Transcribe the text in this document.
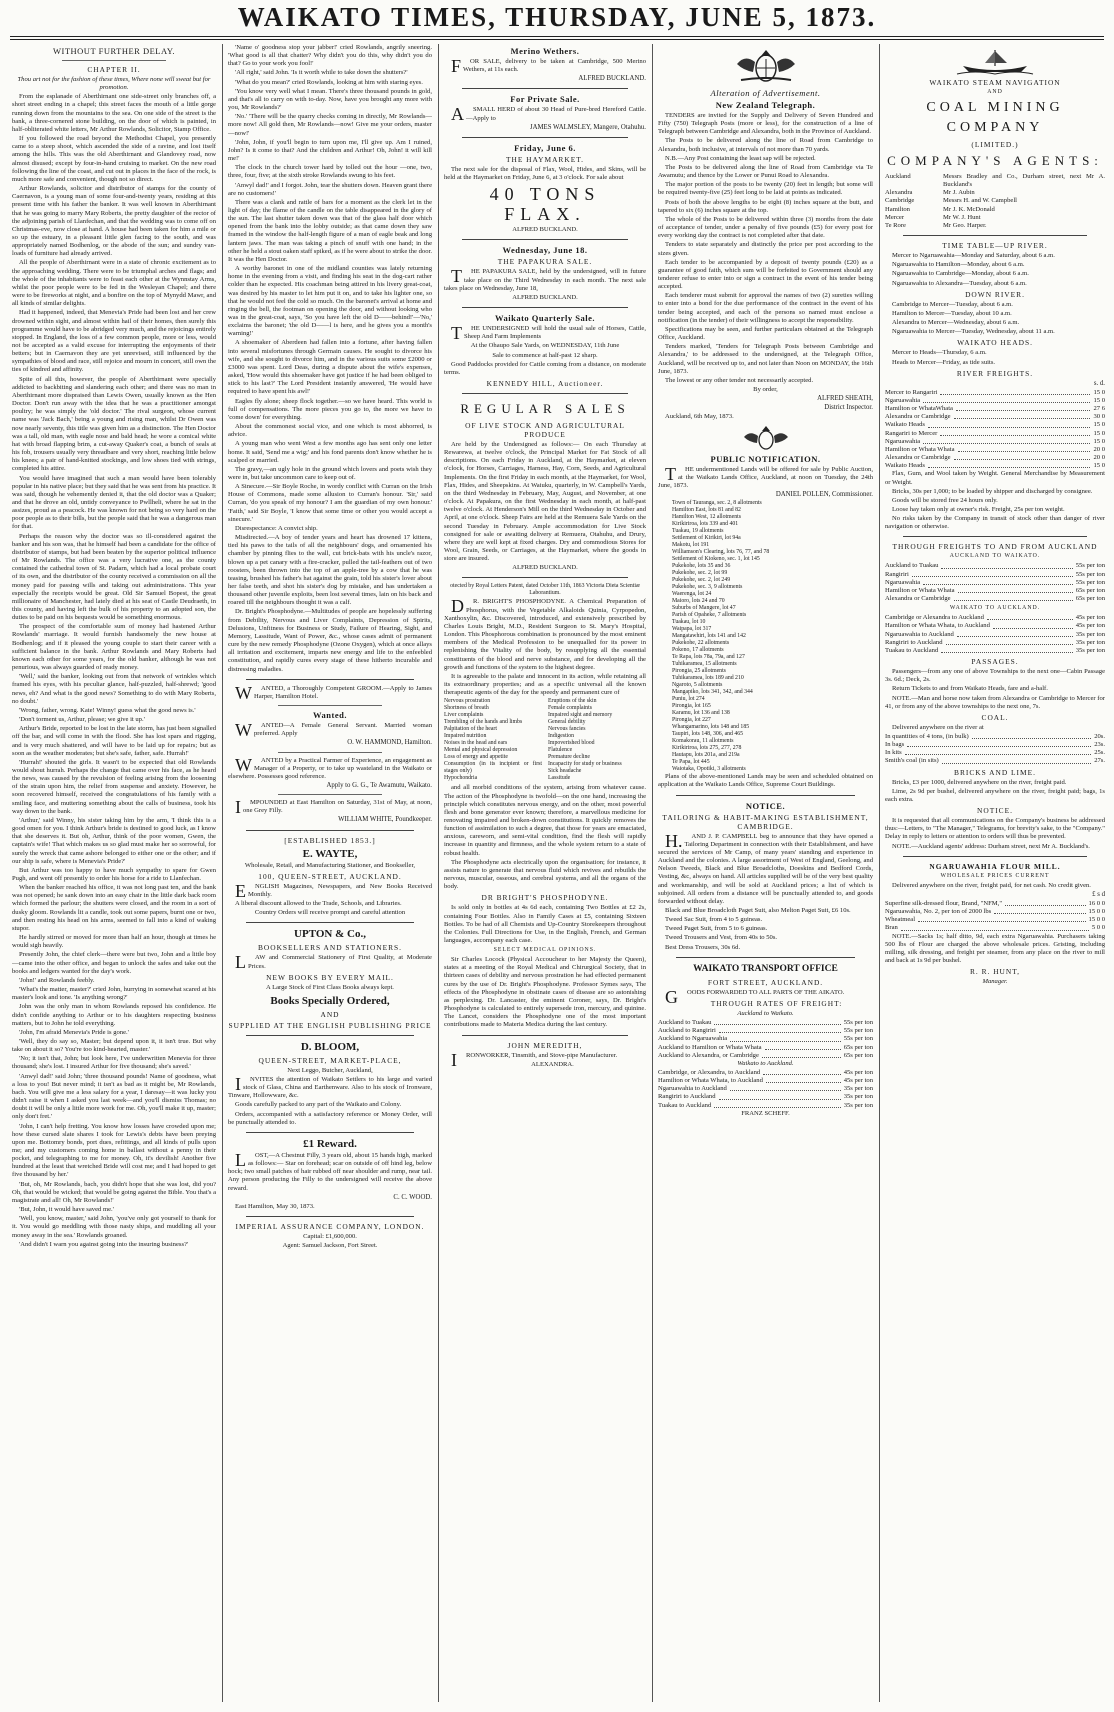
WAIKATO TIMES, THURSDAY, JUNE 5, 1873.
WITHOUT FURTHER DELAY.
CHAPTER II.

Thou art not for the fashion of these times, Where none will sweat but for promotion.

From the esplanade of Aberthirnant one side-street only branches off, a short street ending in a chapel; this street faces the mouth of a little gorge running down from the mountains to the sea. On one side of the street is the bank, a three-cornered stone building, on the door of which is painted, in half-obliterated white letters, Mr Arthur Rowlands, Solicitor, Stamp Office.

If you followed the road beyond the Methodist Chapel, you presently came to a steep shoot, which ascended the side of a ravine, and lost itself among the hills. This was the old Aberthirnant and Glandovey road, now almost disused; except by four-in-hand cruising to market. On the new road following the line of the coast, and cut out in places in the face of the rock, is much more safe and convenient, though not so direct.

Arthur Rowlands, solicitor and distributor of stamps for the county of Caernavon, is a young man of some four-and-twenty years, residing at this present time with his father the banker. It was well known in Aberthirnant that he was going to marry Mary Roberts, the pretty daughter of the rector of the adjoining parish of Llanfechan, and that the wedding was to come off on Christmas-eve, now close at hand. A house had been taken for him a mile or so up the estuary, in a pleasant little glen facing to the south, and was appropriately named Bodhenlog, or the abode of the sun; and sundry van-loads of furniture had already arrived.

All the people of Aberthirnant were in a state of chronic excitement as to the approaching wedding. There were to be triumphal arches and flags; and the whole of the inhabitants were to feast each other at the Wynnstay Arms, whilst the poor people were to be fed in the Wesleyan Chapel; and there were to be fireworks at night, and a bonfire on the top of Mynydd Mawr, and all kinds of similar delights.

Had it happened, indeed, that Menevia's Pride had been lost and her crew drowned within sight, and almost within hail of their homes, then surely this programme would have to be abridged very much, and the rejoicings entirely stopped. In England, the loss of a few common people, more or less, would not be accepted as a valid excuse for interrupting the enjoyments of their betters; but in Caernavon they are yet unrevised, still influenced by the sympathies of blood and race, still rejoice and mourn in concert, still own the ties of kindred and affinity.

Spite of all this, however, the people of Aberthirnant were specially addicted to backbiting and slandering each other; and there was no man in Aberthirnant more dispraised than Lewis Owen, usually known as the Hen Doctor. Don't run away with the idea that he was a practitioner amongst poultry; he was simply the 'old doctor.' The rival surgeon, whose current name was 'Jack Bach,' being a young and rising man, whilst Dr Owen was now nearly seventy, this title was given him as a distinction. The Hen Doctor was a tall, old man, with eagle nose and bald head; he wore a comical white hat with broad flapping brim, a cut-away Quaker's coat, a bunch of seals at his fob, trousers usually very threadbare and very short, reaching little below his knees; a pair of hand-knitted stockings, and low shoes tied with strings, completed his attire.

You would have imagined that such a man would have been tolerably popular in his native place; but they said that he was sent from his practice. It was said, though he vehemently denied it, that the old doctor was a Quaker; and that he drove an old, untidy conveyance to Pwllheli, where he sat in the assizes, proud as a peacock. He was known for not being so very hard on the poor people as to their bills, but the people said that he was a dangerous man for that.

Perhaps the reason why the doctor was so ill-considered against the banker and his son was, that he himself had been a candidate for the office of distributor of stamps, but had been beaten by the superior political influence of Mr Rowlands. The office was a very lucrative one, as the county contained the cathedral town of St. Padarn, which had a local probate court of its own, and the distributor of the county received a commission on all the money paid for passing wills and taking out administrations. This year especially the receipts would be great. Old Sir Samuel Bopest, the great millionaire of Manchester, had lately died at his seat of Castle Deudraeth, in this county, and having left the bulk of his property to an adopted son, the duties to be paid on his bequests would be something enormous.

The prospect of the comfortable sum of money had hastened Arthur Rowlands' marriage. It would furnish handsomely the new house at Bodhenlog; and if it pleased the young couple to start their career with a sufficient balance in the bank. Arthur Rowlands and Mary Roberts had known each other for some years, for the old banker, although he was not penurious, was always guarded of ready money.

'Well,' said the banker, looking out from that network of wrinkles which framed his eyes, with his peculiar glance, half-puzzled, half-shrewd; 'good news, eh? And what is the good news? Something to do with Mary Roberts, no doubt.'

'Wrong, father, wrong. Kate! Winny! guess what the good news is.'

'Don't torment us, Arthur, please; we give it up.'

Arthur's Bride, reported to be lost in the late storm, has just been signalled off the bar, and will come in with the flood. She has lost spars and rigging, and is very much shattered, and will have to be laid up for repairs; but as soon as the weather moderates; but she's safe, father, safe. Hurrah!'

'Hurrah!' shouted the girls. It wasn't to be expected that old Rowlands would shout hurrah. Perhaps the change that came over his face, as he heard the news, was caused by the revulsion of feeling arising from the loosening of the strain upon him, the relief from suspense and anxiety. However, he soon recovered himself, received the congratulations of his family with a smiling face, and muttering something about the calls of business, took his way down to the bank.

'Arthur,' said Winny, his sister taking him by the arm, 'I think this is a good omen for you. I think Arthur's bride is destined to good luck, as I know that she deserves it. But oh, Arthur, think of the poor women, Gwen, the captain's wife! That which makes us so glad must make her so sorrowful, for surely the wreck that came ashore belonged to either one or the other; and if our ship is safe, where is Menevia's Pride?'

But Arthur was too happy to have much sympathy to spare for Gwen Pugh, and went off presently to order his horse for a ride to Llanfechan.

When the banker reached his office, it was not long past ten, and the bank was not opened; he sank down into an easy chair in the little dark back room which formed the parlour; the shutters were closed, and the room in a sort of dusky gloom. Rowlands lit a candle, took out some papers, burnt one or two, and then resting his head on his arms, seemed to fall into a kind of waking stupor.

He hardly stirred or moved for more than half an hour, though at times he would sigh heavily.

Presently John, the chief clerk—there were but two, John and a little boy—came into the other office, and began to unlock the safes and take out the books and ledgers wanted for the day's work.

'John!' and Rowlands feebly.

'What's the matter, master?' cried John, hurrying in somewhat scared at his master's look and tone. 'Is anything wrong?'

John was the only man in whom Rowlands reposed his confidence. He didn't confide anything to Arthur or to his daughters respecting business matters, but to John he told everything.

'John, I'm afraid Menevia's Pride is gone.'

'Well, they do say so, Master; but depend upon it, it isn't true. But why take on about it so? You're too kind-hearted, master.'

'No; it isn't that, John; but look here, I've underwritten Menevia for three thousand; she's lost. I insured Arthur for five thousand; she's saved.'

'Anwyl dad!' said John; 'three thousand pounds! Name of goodness, what a loss to you! But never mind; it isn't as bad as it might be, Mr Rowlands, bach. You will give me a less salary for a year, I daresay—it was lucky you didn't raise it when I asked you last week—and you'll dismiss Thomas; no doubt it will be only a little more work for me. Oh, you'll make it up, master; only don't fret.'

'John, I can't help fretting. You know how losses have crowded upon me; how these cursed slate shares I took for Lewis's debts have been preying upon me. Bottomry bonds, port dues, refittings, and all kinds of pulls upon me; and my customers coming home in ballast without a penny in their pocket, and telegraphing to me for money. Oh, it's devilish! Another five hundred at the least that wretched Bride will cost me; and I had hoped to get five thousand by her.'

'But, oh, Mr Rowlands, bach, you didn't hope that she was lost, did you? Oh, that would be wicked; that would be going against the Bible. You that's a magistrate and all! Oh, Mr Rowlands!'

'But, John, it would have saved me.'

'Well, you know, master,' said John, 'you've only got yourself to thank for it. You would go meddling with those nasty ships, and muddling all your money away in the sea.' Rowlands groaned.

'And didn't I warn you against going into the insuring business?'

'Name o' goodness stop your jabber!' cried Rowlands, angrily sneering. 'What good is all that chatter? Why didn't you do this, why didn't you do that? Go to your work you fool!'

'All right,' said John. 'Is it worth while to take down the shutters?'

'What do you mean?' cried Rowlands, looking at him with staring eyes.

'You know very well what I mean. There's three thousand pounds in gold, and that's all to carry on with to-day. Now, have you brought any more with you, Mr Rowlands?'

'No.' 'There will be the quarry checks coming in directly, Mr Rowlands—more now! All gold then, Mr Rowlands—now! Give me your orders, master—now!'

'John, John, if you'll begin to turn upon me, I'll give up. Am I ruined, John? Is it come to that? And the children and Arthur! Oh, John! it will kill me!'

The clock in the church tower hard by tolled out the hour —one, two, three, four, five; at the sixth stroke Rowlands swung to his feet.

'Anwyl dad!' and I forgot. John, tear the shutters down. Heaven grant there are no customers!'

There was a clank and rattle of bars for a moment as the clerk let in the light of day; the flame of the candle on the table disappeared in the glory of the sun. The last shutter taken down was that of the glass half door which opened from the bank into the lobby outside; as that came down they saw framed in the window the half-length figure of a man of eagle beak and long lantern jaws. The man was taking a pinch of snuff with one hand; in the other he held a stout oaken staff spiked, as if he were about to strike the door. It was the Hen Doctor.

A worthy baronet in one of the midland counties was lately returning home in the evening from a visit, and finding his seat in the dog-cart rather colder than he expected. His coachman being attired in his livery great-coat, was desired by his master to let him put it on, and to take his lighter one, so that he would not feel the cold so much. On the baronet's arrival at home and ringing the bell, the footman on opening the door, and without looking who was in the great-coat, says, 'So you have left the old D——behind!'—'No,' exclaims the baronet; 'the old D——l is here, and he gives you a month's warning!'

A shoemaker of Aberdeen had fallen into a fortune, after having fallen into several misfortunes through Germain causes. He sought to divorce his wife, and she sought to divorce him, and in the various suits some £2000 or £3000 was spent. Lord Deas, during a dispute about the wife's expenses, asked, 'How would this shoemaker have got justice if he had been obliged to stick to his last?' The Lord President instantly answered, 'He would have required to have spent his awl!'

Eagles fly alone; sheep flock together.—so we have heard. This world is full of compensations. The more pieces you go to, the more we have to 'come down' for everything.

About the commonest social vice, and one which is most abhorred, is advice.

A young man who went West a few months ago has sent only one letter home. It said, 'Send me a wig;' and his fond parents don't know whether he is scalped or married.

The gravy,—an ugly hole in the ground which lovers and poets wish they were in, but take uncommon care to keep out of.

A Sinecure.—Sir Boyle Roche, in wordy conflict with Curran on the Irish House of Commons, made some allusion to Curran's honour. 'Sir,' said Curran, 'do you speak of my honour? I am the guardian of my own honour.' 'Faith,' said Sir Boyle, 'I know that some time or other you would accept a sinecure.'

Disrespectance: A convict ship.

Misdirected.—A boy of tender years and heart has drowned 17 kittens, tied his paws to the tails of all the neighbours' dogs, and ornamented his chamber by pinning flies to the wall, cut brick-bats with his uncle's razor, blown up a pet canary with a fire-cracker, pulled the tail-feathers out of two roosters, been thrown into the top of an apple-tree by a cow that he was teasing, brushed his father's hat against the grain, told his sister's lover about her false teeth, and shot his sister's dog by mistake, and has undertaken a thousand other juvenile exploits, been lost several times, lain on his back and roared till the neighbours thought it was a calf.

Dr. Bright's Phosphodyne.—Multitudes of people are hopelessly suffering from Debility, Nervous and Liver Complaints, Depression of Spirits, Delusions, Unfitness for Business or Study, Failure of Hearing, Sight, and Memory, Lassitude, Want of Power, &c., whose cases admit of permanent cure by the new remedy Phosphodyne (Ozone Oxygen), which at once allays all irritation and excitement, imparts new energy and life to the enfeebled constitution, and rapidly cures every stage of these hitherto incurable and distressing maladies.

WANTED, a Thoroughly Competent GROOM.—Apply to James Harper, Hamilton Hotel.

Wanted.

WANTED—A Female General Servant. Married woman preferred. Apply

O. W. HAMMOND, Hamilton.

WANTED by a Practical Farmer of Experience, an engagement as Manager of a Property, or to take up wasteland in the Waikato or elsewhere. Possesses good reference.

Apply to G. G., Te Awamutu, Waikato.

IMPOUNDED at East Hamilton on Saturday, 31st of May, at noon, one Grey Filly.

WILLIAM WHITE, Poundkeeper.

[ESTABLISHED 1853.]
E. WAYTE,

Wholesale, Retail, and Manufacturing Stationer, and Bookseller,

100, QUEEN-STREET, AUCKLAND.

ENGLISH Magazines, Newspapers, and New Books Received Monthly.

A liberal discount allowed to the Trade, Schools, and Libraries.

Country Orders will receive prompt and careful attention

UPTON & Co.,
BOOKSELLERS AND STATIONERS.

LAW and Commercial Stationery of First Quality, at Moderate Prices.

NEW BOOKS BY EVERY MAIL.

A Large Stock of First Class Books always kept.

Books Specially Ordered,
AND
SUPPLIED AT THE ENGLISH PUBLISHING PRICE
D. BLOOM,
QUEEN-STREET, MARKET-PLACE,

Next Leggo, Butcher, Auckland,

INVITES the attention of Waikato Settlers to his large and varied stock of Glass, China and Earthenware. Also to his stock of Ironware, Tinware, Hollowware, &c.

Goods carefully packed to any part of the Waikato and Colony.

Orders, accompanied with a satisfactory reference or Money Order, will be punctually attended to.

£1 Reward.

LOST,—A Chestnut Filly, 3 years old, about 15 hands high, marked as follows:— Star on forehead; scar on outside of off hind leg, below hock; two small patches of hair rubbed off near shoulder and rump, near tail. Any person producing the Filly to the undersigned will receive the above reward.

C. C. WOOD.

East Hamilton, May 30, 1873.

IMPERIAL ASSURANCE COMPANY, LONDON.

Capital: £1,600,000.

Agent: Samuel Jackson, Fort Street.

Merino Wethers.

FOR SALE, delivery to be taken at Cambridge, 500 Merino Wethers, at 11s each.

ALFRED BUCKLAND.

For Private Sale.

ASMALL HERD of about 30 Head of Pure-bred Hereford Cattle.—Apply to

JAMES WALMSLEY, Mangere, Otahuhu.

Friday, June 6.
THE HAYMARKET.

The next sale for the disposal of Flax, Wool, Hides, and Skins, will be held at the Haymarket on Friday, June 6, at 3 o'clock. For sale about

40 TONS FLAX.

ALFRED BUCKLAND.

Wednesday, June 18.
THE PAPAKURA SALE.

THE PAPAKURA SALE, held by the undersigned, will in future take place on the Third Wednesday in each month. The next sale takes place on Wednesday, June 18,

ALFRED BUCKLAND.

Waikato Quarterly Sale.

THE UNDERSIGNED will hold the usual sale of Horses, Cattle, Sheep And Farm Implements

At the Ohaupo Sale Yards, on WEDNESDAY, 11th June

Sale to commence at half-past 12 sharp.

Good Paddocks provided for Cattle coming from a distance, on moderate terms.

KENNEDY HILL, Auctioneer.
REGULAR SALES
OF LIVE STOCK AND AGRICULTURAL PRODUCE

Are held by the Undersigned as follows:— On each Thursday at Rewarewa, at twelve o'clock, the Principal Market for Fat Stock of all descriptions. On each Friday in Auckland, at the Haymarket, at eleven o'clock, for Horses, Carriages, Harness, Hay, Corn, Seeds, and Agricultural Implements. On the first Friday in each month, at the Haymarket, for Wool, Flax, Hides, and Sheepskins. At Waiuku, quarterly, in W. Campbell's Yards, on the third Wednesday in February, May, August, and November, at one o'clock. At Papakura, on the first Wednesday in each month, at half-past twelve o'clock. At Henderson's Mill on the third Wednesday in October and April, at one o'clock. Sheep Fairs are held at the Remuera Sale Yards on the second Tuesday in February. Ample accommodation for Live Stock consigned for sale or awaiting delivery at Remuera, Otahuhu, and Drury, where they are well kept at fixed charges. Dry and commodious Stores for Wool, Grain, Seeds, or Carriages, at the Haymarket, where the goods in store are insured.

ALFRED BUCKLAND.

otected by Royal Letters Patent, dated October 11th, 1863 Victoria Dieta Scientiæ Laborantium.

DR. BRIGHT'S PHOSPHODYNE. A Chemical Preparation of Phosphorus, with the Vegetable Alkaloids Quinia, Cyrpopedon, Xanthoxylin, &c. Discovered, introduced, and extensively prescribed by Charles Louis Bright, M.D., Resident Surgeon to St. Mary's Hospital, London. This Phosphorous combination is pronounced by the most eminent members of the Medical Profession to be unequalled for its power in replenishing the Vitality of the body, by resupplying all the essential constituents of the blood and nerve substance, and for developing all the growth and functions of the system to the highest degree.

It is agreeable to the palate and innocent in its action, while retaining all its extraordinary properties; and as a specific universal all the known therapeutic agents of the day for the speedy and permanent cure of

Nervous prostration
Shortness of breath
Liver complaints
Trembling of the hands and limbs
Palpitation of the heart
Impaired nutrition
Noises in the head and ears
Mental and physical depression
Loss of energy and appetite
Consumption (in its incipient or first stages only)
Hypochondria
Eruptions of the skin
Female complaints
Impaired sight and memory
General debility
Nervous fancies
Indigestion
Impoverished blood
Flatulence
Premature decline
Incapacity for study or business
Sick headache
Lassitude

and all morbid conditions of the system, arising from whatever cause. The action of the Phosphodyne is twofold—on the one hand, increasing the principle which constitutes nervous energy, and on the other, most powerful flesh and bone generator ever known; therefore, a marvellous medicine for renovating impaired and broken-down constitutions. It quickly removes the function of assimilation to such a degree, that those for years are emaciated, anxious, careworn, and semi-vital condition, find the flesh will rapidly increase in quantity and firmness, and the whole system return to a state of robust health.

The Phosphodyne acts electrically upon the organisation; for instance, it assists nature to generate that nervous fluid which revives and rebuilds the nervous, muscular, osseous, and cerebral systems, and all the organs of the body.

DR BRIGHT'S PHOSPHODYNE.

Is sold only in bottles at 4s 6d each, containing Two Bottles at £2 2s, containing Four Bottles. Also in Family Cases at £5, containing Sixteen Bottles. To be had of all Chemists and Up-Country Storekeepers throughout the Colonies. Full Directions for Use, in the English, French, and German languages, accompany each case.

SELECT MEDICAL OPINIONS.

Sir Charles Locock (Physical Accoucheur to her Majesty the Queen), states at a meeting of the Royal Medical and Chirurgical Society, that in thirteen cases of debility and nervous prostration he had effected permanent cures by the use of Dr. Bright's Phosphodyne. Professor Symes says, The effects of the Phosphodyne in obstinate cases of disease are so astonishing as perplexing. Dr. Lancaster, the eminent Coroner, says, Dr. Bright's Phosphodyne is calculated to entirely supersede iron, mercury, and quinine. The Lancet, considers the Phosphodyne one of the most important contributions made to Materia Medica during the last century.

JOHN MEREDITH,

IRONWORKER, Tinsmith, and Stove-pipe Manufacturer.

ALEXANDRA.

Alteration of Advertisement.
New Zealand Telegraph.

TENDERS are invited for the Supply and Delivery of Seven Hundred and Fifty (750) Telegraph Posts (more or less), for the construction of a line of Telegraph between Cambridge and Alexandra, both in the Province of Auckland.

The Posts to be delivered along the line of Road from Cambridge to Alexandra, both inclusive, at intervals of not more than 70 yards.

N.B.—Any Post containing the least sap will be rejected.

The Posts to be delivered along the line of Road from Cambridge via Te Awamutu; and thence by the Lower or Punui Road to Alexandra.

The major portion of the posts to be twenty (20) feet in length; but some will be required twenty-five (25) feet long to be laid at points as indicated.

Posts of both the above lengths to be eight (8) inches square at the butt, and tapered to six (6) inches square at the top.

The whole of the Posts to be delivered within three (3) months from the date of acceptance of tender, under a penalty of five pounds (£5) for every post for every working day the contract is not completed after that date.

Tenders to state separately and distinctly the price per post according to the sizes given.

Each tender to be accompanied by a deposit of twenty pounds (£20) as a guarantee of good faith, which sum will be forfeited to Government should any tenderer refuse to enter into or sign a contract in the event of his tender being accepted.

Each tenderer must submit for approval the names of two (2) sureties willing to enter into a bond for the due performance of the contract in the event of his tender being accepted, and each of the persons so named must enclose a notification (in the tender) of their willingness to accept the responsibility.

Specifications may be seen, and further particulars obtained at the Telegraph Office, Auckland.

Tenders marked, 'Tenders for Telegraph Posts between Cambridge and Alexandra,' to be addressed to the undersigned, at the Telegraph Office, Auckland, will be received up to, and not later than Noon on MONDAY, the 16th June, 1873.

The lowest or any other tender not necessarily accepted.

By order,

ALFRED SHEATH,

District Inspector.

Auckland, 6th May, 1873.

PUBLIC NOTIFICATION.

THE undermentioned Lands will be offered for sale by Public Auction, at the Waikato Lands Office, Auckland, at noon on Tuesday, the 24th June, 1873.

DANIEL POLLEN, Commissioner.

Town of Tauranga, sec. 2, 8 allotments
Hamilton East, lots 81 and 82
Hamilton West, 12 allotments
Kirikiriroa, lots 339 and 401
Tuakau, 19 allotments
Settlement of Kirikiri, lot 94a
Makotu, lot 191
Williamson's Clearing, lots 76, 77, and 78
Settlement of Kiokeno, sec. 1, lot 145
Pukekohe, lots 35 and 36
Pukekohe, sec. 2, lot 99
Pukekohe, sec. 2, lot 249
Pukekohe, sec. 3, 9 allotments
Waerenga, lot 24
Maioro, lots 24 and 70
Suburbs of Mangere, lot 47
Parish of Opaheke, 7 allotments
Tuakau, lot 10
Waipapa, lot 317
Mangatawhiri, lots 141 and 142
Pukekohe, 22 allotments
Pokeno, 17 allotments
Te Rapa, lots 78a, 79a, and 127
Tuhikaramea, 15 allotments
Pirongia, 25 allotments
Tuhikaramea, lots 189 and 210
Ngaroto, 5 allotments
Mangapiko, lots 341, 342, and 344
Puniu, lot 274
Pirongia, lot 165
Karamu, lot 136 and 138
Pirongia, lot 227
Whangamarino, lots 148 and 185
Taupiri, lots 148, 306, and 465
Komakorau, 11 allotments
Kirikiriroa, lots 275, 277, 278
Hautapu, lots 201a, and 219a
Te Papa, lot 445
Waiotaka, Opotiki, 3 allotments

Plans of the above-mentioned Lands may be seen and scheduled obtained on application at the Waikato Lands Office, Supreme Court Buildings.

NOTICE.
TAILORING & HABIT-MAKING ESTABLISHMENT, CAMBRIDGE.

H.AND J. P. CAMPBELL beg to announce that they have opened a Tailoring Department in connection with their Establishment, and have secured the services of Mr Camp, of many years' standing and experience in Auckland and the colonies. A large assortment of West of England, Geelong, and Nelson Tweeds, Black and Blue Broadcloths, Doeskins and Bedford Cords, Vesting, &c, always on hand. All articles supplied will be of the very best quality and workmanship, and will be sold at Auckland prices; a list of which is subjoined. All orders from a distance will be punctually attended to, and goods forwarded without delay.

Black and Blue Broadcloth Paget Suit, also Melton Paget Suit, £6 10s.

Tweed Sac Suit, from 4 to 5 guineas.

Tweed Paget Suit, from 5 to 6 guineas.

Tweed Trousers and Vest, from 40s to 50s.

Best Dress Trousers, 30s 6d.

WAIKATO TRANSPORT OFFICE
FORT STREET, AUCKLAND.

GOODS FORWARDED TO ALL PARTS OF THE AIKATO.

THROUGH RATES OF FREIGHT:

Auckland to Waikato.

Auckland to Tuakau	55s per ton
Auckland to Rangiriri	55s per ton
Auckland to Ngaruawahia	55s per ton
Auckland to Hamilton or Whata Whata	65s per ton
Auckland to Alexandra, or Cambridge	65s per ton

Waikato to Auckland.

Cambridge, or Alexandra, to Auckland	45s per ton
Hamilton or Whata Whata, to Auckland	45s per ton
Ngaruawahia to Auckland	35s per ton
Rangiriri to Auckland	35s per ton
Tuakau to Auckland	35s per ton

FRANZ SCHEFF.

WAIKATO STEAM NAVIGATION
AND
COAL MINING COMPANY
(LIMITED.)
COMPANY'S AGENTS:
Auckland	Messrs Bradley and Co., Durham street, next Mr A. Buckland's
Alexandra	Mr J. Aubin
Cambridge	Messrs H. and W. Campbell
Hamilton	Mr J. K. McDonald
Mercer	Mr W. J. Hunt
Te Rore	Mr Geo. Harper.
TIME TABLE—UP RIVER.

Mercer to Ngaruawahia—Monday and Saturday, about 6 a.m.

Ngaruawahia to Hamilton—Monday, about 6 a.m.

Ngaruawahia to Cambridge—Monday, about 6 a.m.

Ngaruawahia to Alexandra—Tuesday, about 6 a.m.

DOWN RIVER.

Cambridge to Mercer—Tuesday, about 6 a.m.

Hamilton to Mercer—Tuesday, about 10 a.m.

Alexandra to Mercer—Wednesday, about 6 a.m.

Ngaruawahia to Mercer—Tuesday, Wednesday, about 11 a.m.

WAIKATO HEADS.

Mercer to Heads—Thursday, 6 a.m.

Heads to Mercer—Friday, as tide suits.

RIVER FREIGHTS.

s. d.

Mercer to Rangariri	15 0
Ngaruawahia	15 0
Hamilton or WhataWhata	27 6
Alexandra or Cambridge	30 0
Waikato Heads	15 0
Rangariri to Mercer	15 0
Ngaruawahia	15 0
Hamilton or Whata Whata	20 0
Alexandra or Cambridge	20 0
Waikato Heads	15 0

Flax, Gum, and Wool taken by Weight. General Merchandise by Measurement or Weight.

Bricks, 30s per 1,000; to be loaded by shipper and discharged by consignee.

Goods will be stored free 24 hours only.

Loose hay taken only at owner's risk. Freight, 25s per ton weight.

No risks taken by the Company in transit of stock other than danger of river navigation or otherwise.

THROUGH FREIGHTS TO AND FROM AUCKLAND
AUCKLAND TO WAIKATO.
Auckland to Tuakau	55s per ton
Rangiriri	55s per ton
Ngaruawahia	55s per ton
Hamilton or Whata Whata	65s per ton
Alexandra or Cambridge	65s per ton
WAIKATO TO AUCKLAND.
Cambridge or Alexandra to Auckland	45s per ton
Hamilton or Whata Whata, to Auckland	45s per ton
Ngaruawahia to Auckland	35s per ton
Rangiriri to Auckland	35s per ton
Tuakau to Auckland	35s per ton
PASSAGES.

Passengers—from any one of above Townships to the next one—Cabin Passage 3s. 6d.; Deck, 2s.

Return Tickets to and from Waikato Heads, fare and a-half.

NOTE.—Man and horse now taken from Alexandra or Cambridge to Mercer for 41, or from any of the above townships to the next one, 7s.

COAL.

Delivered anywhere on the river at

In quantities of 4 tons, (in bulk)	20s.
In bags	23s.
In kits	25s.
Smith's coal (in sits)	27s.
BRICKS AND LIME.

Bricks, £3 per 1000, delivered anywhere on the river, freight paid.

Lime, 2s 9d per bushel, delivered anywhere on the river, freight paid; bags, 1s each extra.

NOTICE.

It is requested that all communications on the Company's business be addressed thus:—Letters, to "The Manager," Telegrams, for brevity's sake, to the "Company." Delay in reply to letters or attention to orders will thus be prevented.

NOTE.—Auckland agents' address: Durham street, next Mr A. Buckland's.

NGARUAWAHIA FLOUR MILL.
WHOLESALE PRICES CURRENT

Delivered anywhere on the river, freight paid, for net cash. No credit given.

£ s d

Superfine silk-dressed flour, Brand, "NFM,"	16 0 0
Ngaruawahia, No. 2, per ton of 2000 lbs	15 0 0
Wheatmeal	15 0 0
Bran	5 0 0

NOTE.—Sacks 1s; half ditto, 9d, each extra Ngaruawahia. Purchasers taking 500 lbs of Flour are charged the above wholesale prices. Gristing, including milling, silk dressing, and freight per steamer, from any place on the river to mill and back at 1s 9d per bushel.

R. R. HUNT,

Manager.
